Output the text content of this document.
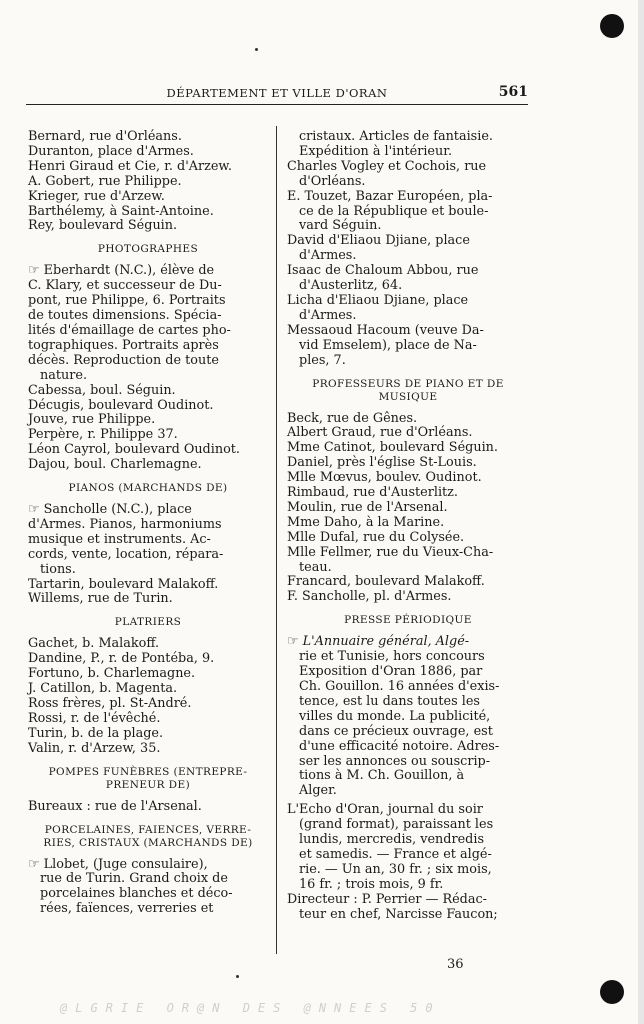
DÉPARTEMENT ET VILLE D'ORAN	561
Bernard, rue d'Orléans.
Duranton, place d'Armes.
Henri Giraud et Cie, r. d'Arzew.
A. Gobert, rue Philippe.
Krieger, rue d'Arzew.
Barthélemy, à Saint-Antoine.
Rey, boulevard Séguin.
PHOTOGRAPHES
☞ Eberhardt (N.C.), élève de
C. Klary, et successeur de Du-
pont, rue Philippe, 6. Portraits
de toutes dimensions. Spécia-
lités d'émaillage de cartes pho-
tographiques. Portraits après
décès. Reproduction de toute
nature.
Cabessa, boul. Séguin.
Décugis, boulevard Oudinot.
Jouve, rue Philippe.
Perpère, r. Philippe 37.
Léon Cayrol, boulevard Oudinot.
Dajou, boul. Charlemagne.
PIANOS (MARCHANDS DE)
☞ Sancholle (N.C.), place
d'Armes. Pianos, harmoniums
musique et instruments. Ac-
cords, vente, location, répara-
tions.
Tartarin, boulevard Malakoff.
Willems, rue de Turin.
PLATRIERS
Gachet, b. Malakoff.
Dandine, P., r. de Pontéba, 9.
Fortuno, b. Charlemagne.
J. Catillon, b. Magenta.
Ross frères, pl. St-André.
Rossi, r. de l'évêché.
Turin, b. de la plage.
Valin, r. d'Arzew, 35.
POMPES FUNÈBRES (ENTREPRE-
PRENEUR DE)
Bureaux : rue de l'Arsenal.
PORCELAINES, FAIENCES, VERRE-
RIES, CRISTAUX (MARCHANDS DE)
☞ Llobet, (Juge consulaire),
rue de Turin. Grand choix de
porcelaines blanches et déco-
rées, faïences, verreries et
cristaux. Articles de fantaisie.
Expédition à l'intérieur.
Charles Vogley et Cochois, rue
d'Orléans.
E. Touzet, Bazar Européen, pla-
ce de la République et boule-
vard Séguin.
David d'Eliaou Djiane, place
d'Armes.
Isaac de Chaloum Abbou, rue
d'Austerlitz, 64.
Licha d'Eliaou Djiane, place
d'Armes.
Messaoud Hacoum (veuve Da-
vid Emselem), place de Na-
ples, 7.
PROFESSEURS DE PIANO ET DE
MUSIQUE
Beck, rue de Gênes.
Albert Graud, rue d'Orléans.
Mme Catinot, boulevard Séguin.
Daniel, près l'église St-Louis.
Mlle Mœvus, boulev. Oudinot.
Rimbaud, rue d'Austerlitz.
Moulin, rue de l'Arsenal.
Mme Daho, à la Marine.
Mlle Dufal, rue du Colysée.
Mlle Fellmer, rue du Vieux-Cha-
teau.
Francard, boulevard Malakoff.
F. Sancholle, pl. d'Armes.
PRESSE PÉRIODIQUE
☞ L'Annuaire général, Algé-
rie et Tunisie, hors concours
Exposition d'Oran 1886, par
Ch. Gouillon. 16 années d'exis-
tence, est lu dans toutes les
villes du monde. La publicité,
dans ce précieux ouvrage, est
d'une efficacité notoire. Adres-
ser les annonces ou souscrip-
tions à M. Ch. Gouillon, à
Alger.
L'Echo d'Oran, journal du soir
(grand format), paraissant les
lundis, mercredis, vendredis
et samedis. — France et algé-
rie. — Un an, 30 fr. ; six mois,
16 fr. ; trois mois, 9 fr.
Directeur : P. Perrier — Rédac-
teur en chef, Narcisse Faucon;
36
@LGRIE OR@N DES @NNEES 50
